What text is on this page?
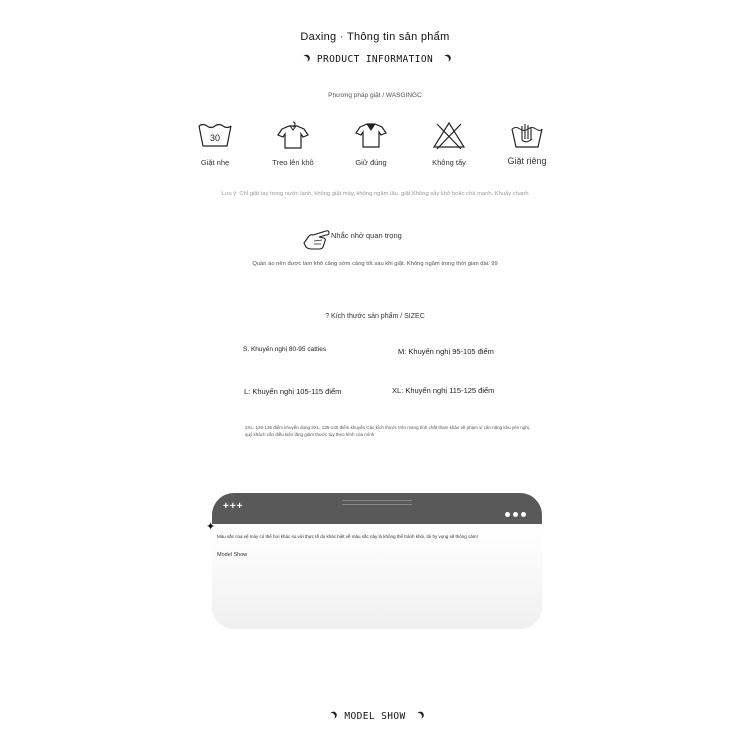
Daxing · Thông tin sản phẩm
PRODUCT INFORMATION
Phương pháp giặt / WASGINGC
30
Giặt nhẹ	Treo lên khô	Giữ đúng	Không tẩy	Giặt riêng
Lưu ý: Chỉ giặt tay trong nước lạnh, không giặt máy, không ngâm lâu, giặt Không sấy khô hoặc chà mạnh. Khuấy chanh
Nhắc nhở quan trọng
Quần áo nên được làm khô căng sớm càng tốt sau khi giặt. Không ngâm trong thời gian dài. 99
? Kích thước sản phẩm / SIZEC
S. Khuyến nghị 80-95 catties	M: Khuyến nghị 95-105 điểm
L: Khuyến nghị 105-115 điểm	XL: Khuyến nghị 115-125 điểm
2XL: 125-135 điểm khuyến dùng 3XL: 135-145 điểm khuyến Các kích thước trên mang tính chất tham khảo về phạm vi cân nặng khu yên nghị, quý khách cần điều kiện lăng giảm thước tùy theo hình của mình
+++
Màu sắc của vệ máy có thể hơi khác so với thực tế do khác biệt về màu sắc này là không thể tránh khỏi, tôi hy vọng sẽ thông cảm!
Model Show
✦
MODEL SHOW
